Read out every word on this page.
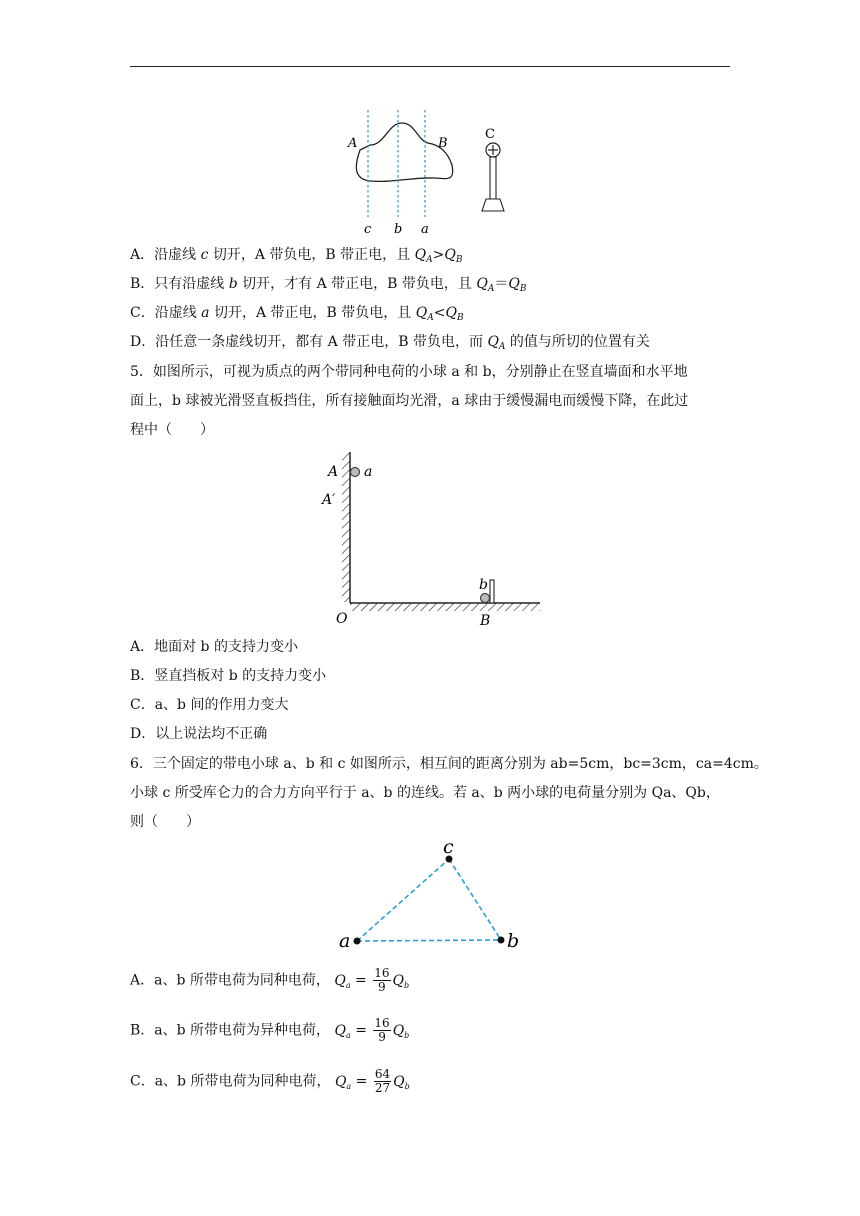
A	B
c b a
C
A．沿虚线 c 切开，A 带负电，B 带正电，且 $Q_A>Q_B$
B．只有沿虚线 b 切开，才有 A 带正电，B 带负电，且 $Q_A=Q_B$
C．沿虚线 a 切开，A 带正电，B 带负电，且 $Q_A<Q_B$
D．沿任意一条虚线切开，都有 A 带正电，B 带负电，而 $Q_A$ 的值与所切的位置有关
5．如图所示，可视为质点的两个带同种电荷的小球 a 和 b，分别静止在竖直墙面和水平地
面上，b 球被光滑竖直板挡住，所有接触面均光滑，a 球由于缓慢漏电而缓慢下降，在此过
程中（　　）
A a
A′
b
O	B
A．地面对 b 的支持力变小
B．竖直挡板对 b 的支持力变小
C．a、b 间的作用力变大
D．以上说法均不正确
6．三个固定的带电小球 a、b 和 c 如图所示，相互间的距离分别为 ab=5cm，bc=3cm，ca=4cm。
小球 c 所受库仑力的合力方向平行于 a、b 的连线。若 a、b 两小球的电荷量分别为 Qa、Qb，
则（　　）
a	b
c
A．a、b 所带电荷为同种电荷， $Q_a = \frac{16}{9} Q_b$
B．a、b 所带电荷为异种电荷， $Q_a = \frac{16}{9} Q_b$
C．a、b 所带电荷为同种电荷， $Q_a = \frac{64}{27} Q_b$
